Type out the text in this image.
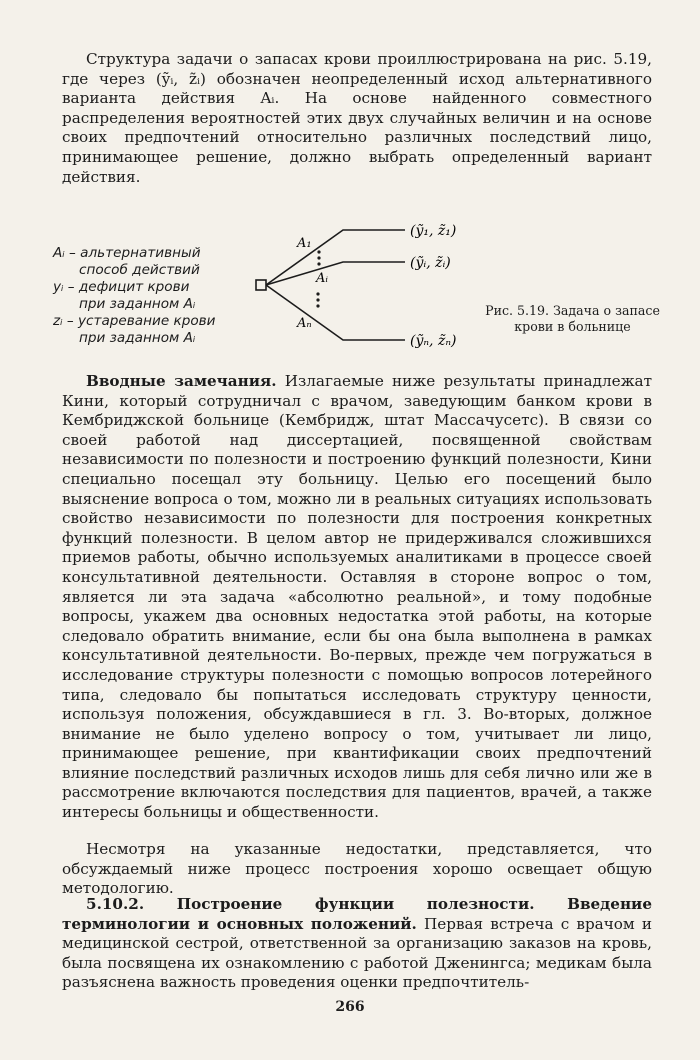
Структура задачи о запасах крови проиллюстрирована на рис. 5.19, где через (ỹᵢ, z̃ᵢ) обозначен неопределенный исход альтернативного варианта действия Aᵢ. На основе найденного совместного распределения вероятностей этих двух случайных величин и на основе своих предпочтений относительно различных последствий лицо, принимающее решение, должно выбрать определенный вариант действия.

Aᵢ – альтернативный
способ действий
yᵢ – дефицит крови
при заданном Aᵢ
zᵢ – устаревание крови
при заданном Aᵢ
A₁
Aᵢ
Aₙ
(ỹ₁, z̃₁)
(ỹᵢ, z̃ᵢ)
(ỹₙ, z̃ₙ)
Рис. 5.19. Задача о запасе крови в больнице

Вводные замечания. Излагаемые ниже результаты принадлежат Кини, который сотрудничал с врачом, заведующим банком крови в Кембриджской больнице (Кембридж, штат Массачусетс). В связи со своей работой над диссертацией, посвященной свойствам независимости по полезности и построению функций полезности, Кини специально посещал эту больницу. Целью его посещений было выяснение вопроса о том, можно ли в реальных ситуациях использовать свойство независимости по полезности для построения конкретных функций полезности. В целом автор не придерживался сложившихся приемов работы, обычно используемых аналитиками в процессе своей консультативной деятельности. Оставляя в стороне вопрос о том, является ли эта задача «абсолютно реальной», и тому подобные вопросы, укажем два основных недостатка этой работы, на которые следовало обратить внимание, если бы она была выполнена в рамках консультативной деятельности. Во-первых, прежде чем погружаться в исследование структуры полезности с помощью вопросов лотерейного типа, следовало бы попытаться исследовать структуру ценности, используя положения, обсуждавшиеся в гл. 3. Во-вторых, должное внимание не было уделено вопросу о том, учитывает ли лицо, принимающее решение, при квантификации своих предпочтений влияние последствий различных исходов лишь для себя лично или же в рассмотрение включаются последствия для пациентов, врачей, а также интересы больницы и общественности.

Несмотря на указанные недостатки, представляется, что обсуждаемый ниже процесс построения хорошо освещает общую методологию.

5.10.2. Построение функции полезности. Введение терминологии и основных положений. Первая встреча с врачом и медицинской сестрой, ответственной за организацию заказов на кровь, была посвящена их ознакомлению с работой Дженингса; медикам была разъяснена важность проведения оценки предпочтитель-

266
